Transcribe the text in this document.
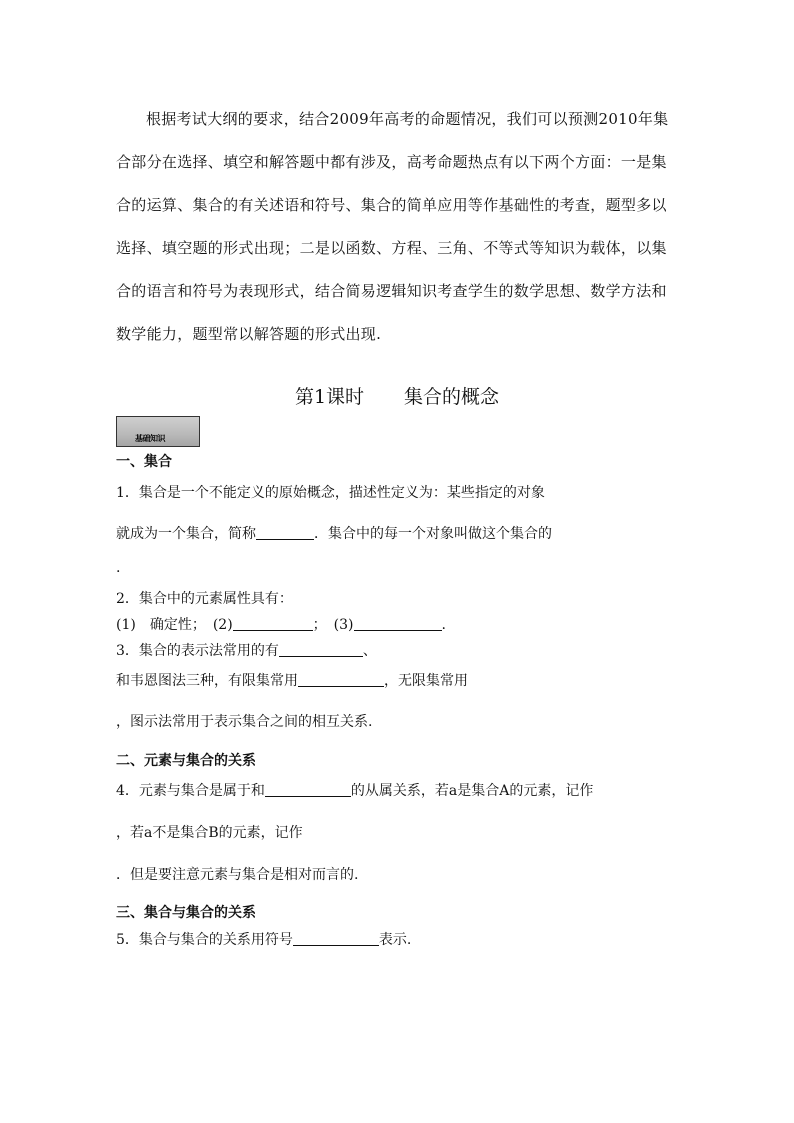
根据考试大纲的要求，结合2009年高考的命题情况，我们可以预测2010年集合部分在选择、填空和解答题中都有涉及，高考命题热点有以下两个方面：一是集合的运算、集合的有关述语和符号、集合的简单应用等作基础性的考查，题型多以选择、填空题的形式出现；二是以函数、方程、三角、不等式等知识为载体，以集合的语言和符号为表现形式，结合简易逻辑知识考查学生的数学思想、数学方法和数学能力，题型常以解答题的形式出现.
第1课时 集合的概念
基础知识
一、集合
1．集合是一个不能定义的原始概念，描述性定义为：某些指定的对象
就成为一个集合，简称	．集合中的每一个对象叫做这个集合的
.
2．集合中的元素属性具有：
(1)　确定性；　(2)	；　(3)	.
3．集合的表示法常用的有	、
和韦恩图法三种，有限集常用	，无限集常用
，图示法常用于表示集合之间的相互关系.
二、元素与集合的关系
4．元素与集合是属于和	的从属关系，若a是集合A的元素，记作
，若a不是集合B的元素，记作
．但是要注意元素与集合是相对而言的.
三、集合与集合的关系
5．集合与集合的关系用符号	表示.
